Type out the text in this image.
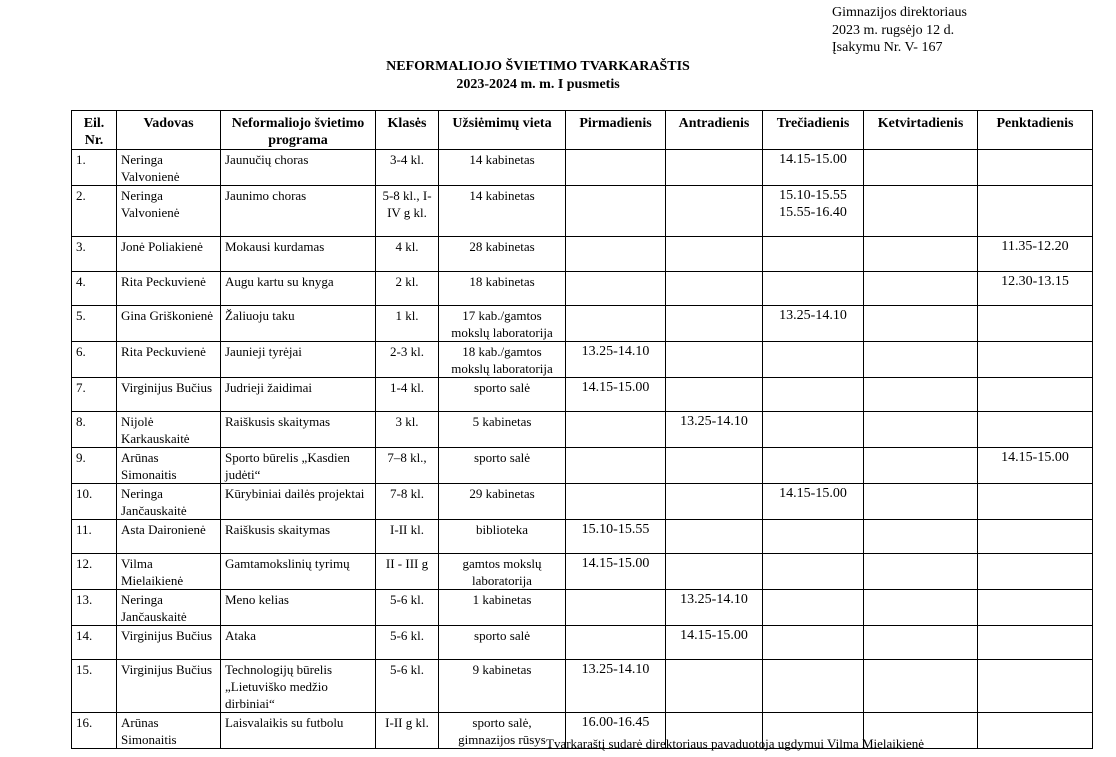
Gimnazijos direktoriaus
2023 m. rugsėjo 12 d.
Įsakymu Nr. V- 167
NEFORMALIOJO ŠVIETIMO TVARKARAŠTIS
2023-2024 m. m. I pusmetis
Eil. Nr.	Vadovas	Neformaliojo švietimo programa	Klasės	Užsiėmimų vieta	Pirmadienis	Antradienis	Trečiadienis	Ketvirtadienis	Penktadienis
1.	Neringa Valvonienė	Jaunučių choras	3-4 kl.	14 kabinetas			14.15-15.00		
2.	Neringa Valvonienė	Jaunimo choras	5-8 kl., I-IV g kl.	14 kabinetas			15.10-15.55
15.55-16.40		
3.	Jonė Poliakienė	Mokausi kurdamas	4 kl.	28 kabinetas					11.35-12.20
4.	Rita Peckuvienė	Augu kartu su knyga	2 kl.	18 kabinetas					12.30-13.15
5.	Gina Griškonienė	Žaliuoju taku	1 kl.	17 kab./gamtos mokslų laboratorija			13.25-14.10		
6.	Rita Peckuvienė	Jaunieji tyrėjai	2-3 kl.	18 kab./gamtos mokslų laboratorija	13.25-14.10				
7.	Virginijus Bučius	Judrieji žaidimai	1-4 kl.	sporto salė	14.15-15.00				
8.	Nijolė Karkauskaitė	Raiškusis skaitymas	3 kl.	5 kabinetas		13.25-14.10			
9.	Arūnas Simonaitis	Sporto būrelis „Kasdien judėti“	7–8 kl.,	sporto salė					14.15-15.00
10.	Neringa Jančauskaitė	Kūrybiniai dailės projektai	7-8 kl.	29 kabinetas			14.15-15.00		
11.	Asta Daironienė	Raiškusis skaitymas	I-II kl.	biblioteka	15.10-15.55				
12.	Vilma Mielaikienė	Gamtamokslinių tyrimų	II - III g	gamtos mokslų laboratorija	14.15-15.00				
13.	Neringa Jančauskaitė	Meno kelias	5-6 kl.	1 kabinetas		13.25-14.10			
14.	Virginijus Bučius	Ataka	5-6 kl.	sporto salė		14.15-15.00			
15.	Virginijus Bučius	Technologijų būrelis „Lietuviško medžio dirbiniai“	5-6 kl.	9 kabinetas	13.25-14.10				
16.	Arūnas Simonaitis	Laisvalaikis su futbolu	I-II g kl.	sporto salė, gimnazijos rūsys	16.00-16.45				
Tvarkaraštį sudarė direktoriaus pavaduotoja ugdymui Vilma Mielaikienė
